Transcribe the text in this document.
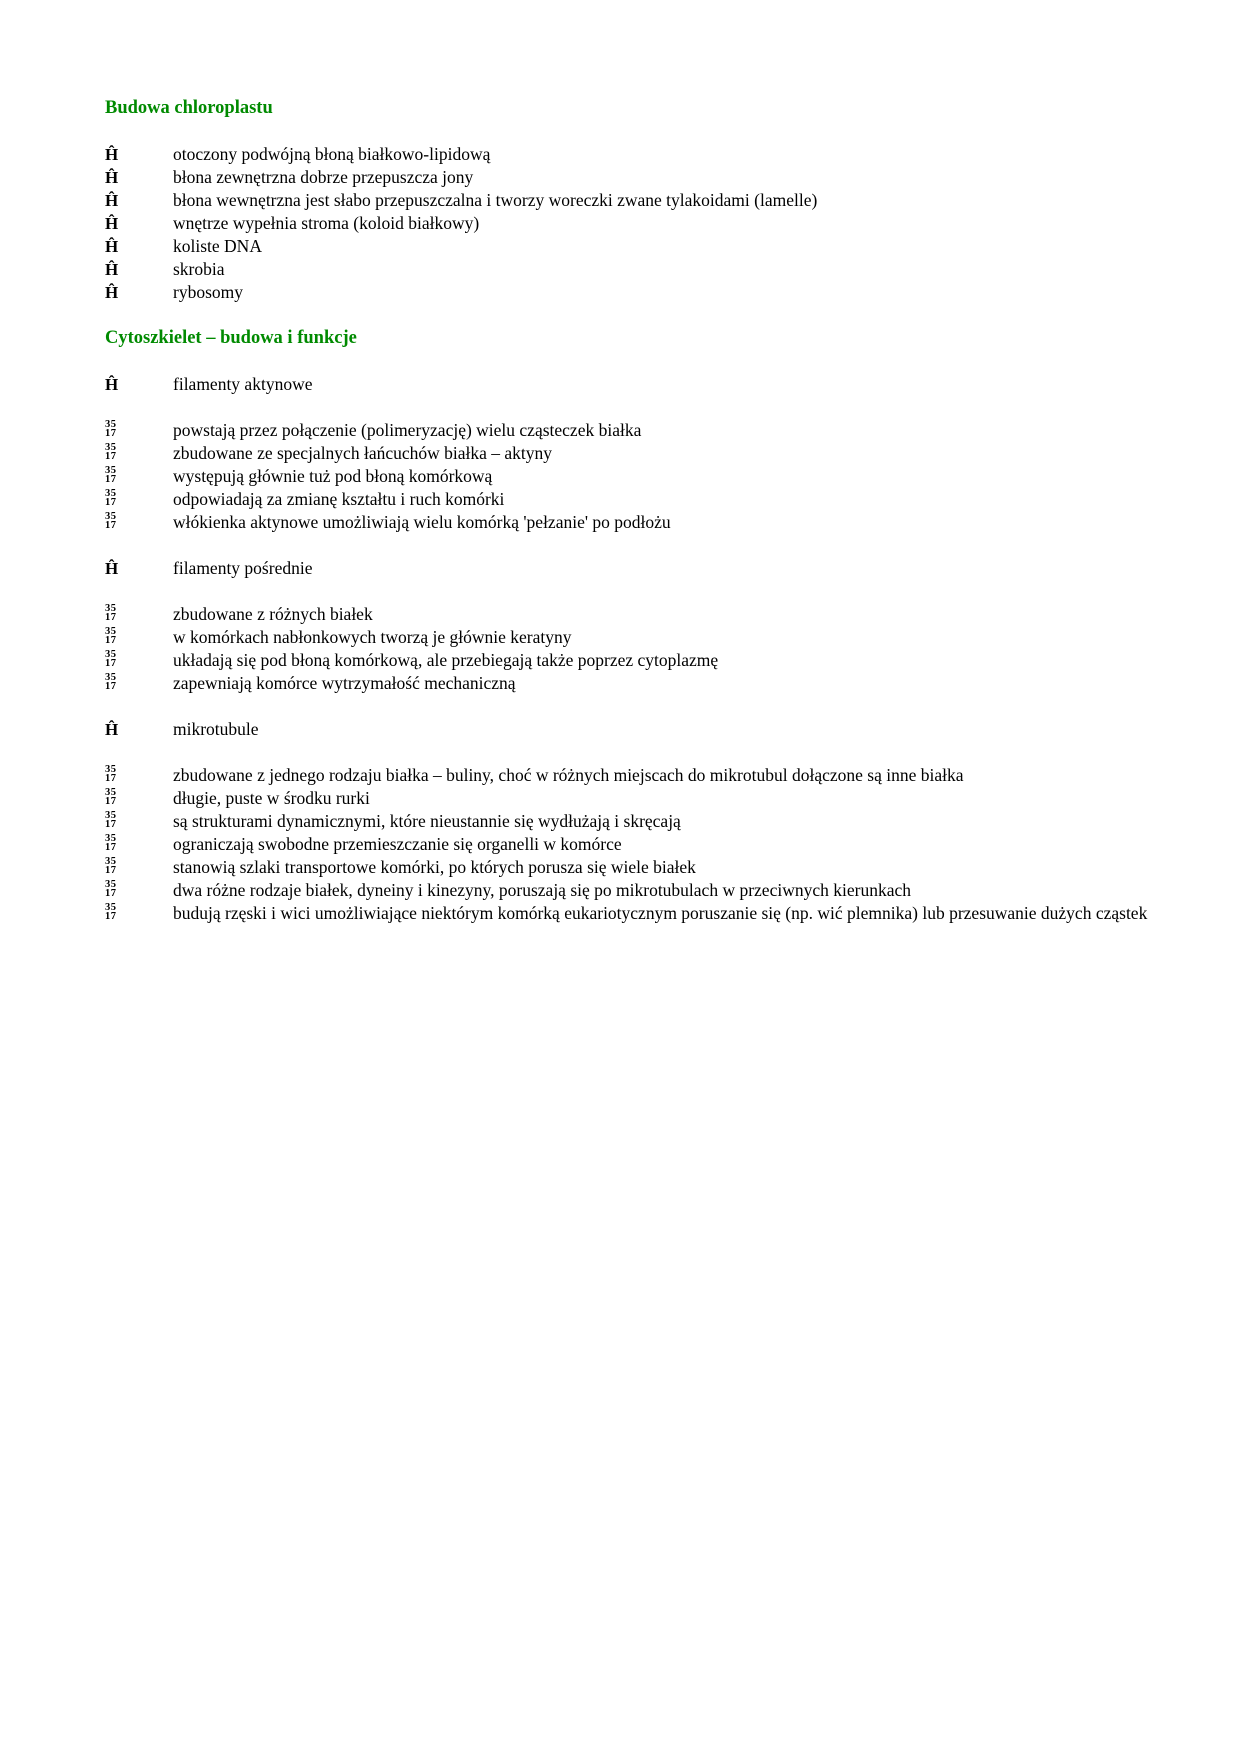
Budowa chloroplastu

Ĥ	otoczony podwójną błoną białkowo-lipidową

Ĥ	błona zewnętrzna dobrze przepuszcza jony

Ĥ	błona wewnętrzna jest słabo przepuszczalna i tworzy woreczki zwane tylakoidami (lamelle)

Ĥ	wnętrze wypełnia stroma (koloid białkowy)

Ĥ	koliste DNA

Ĥ	skrobia

Ĥ	rybosomy

Cytoszkielet – budowa i funkcje

Ĥ	filamenty aktynowe

35
17	powstają przez połączenie (polimeryzację) wielu cząsteczek białka

35
17	zbudowane ze specjalnych łańcuchów białka – aktyny

35
17	występują głównie tuż pod błoną komórkową

35
17	odpowiadają za zmianę kształtu i ruch komórki

35
17	włókienka aktynowe umożliwiają wielu komórką 'pełzanie' po podłożu

Ĥ	filamenty pośrednie

35
17	zbudowane z różnych białek

35
17	w komórkach nabłonkowych tworzą je głównie keratyny

35
17	układają się pod błoną komórkową, ale przebiegają także poprzez cytoplazmę

35
17	zapewniają komórce wytrzymałość mechaniczną

Ĥ	mikrotubule

35
17	zbudowane z jednego rodzaju białka – buliny, choć w różnych miejscach do mikrotubul dołączone są inne białka

35
17	długie, puste w środku rurki

35
17	są strukturami dynamicznymi, które nieustannie się wydłużają i skręcają

35
17	ograniczają swobodne przemieszczanie się organelli w komórce

35
17	stanowią szlaki transportowe komórki, po których porusza się wiele białek

35
17	dwa różne rodzaje białek, dyneiny i kinezyny, poruszają się po mikrotubulach w przeciwnych kierunkach

35
17	budują rzęski i wici umożliwiające niektórym komórką eukariotycznym poruszanie się (np. wić plemnika) lub przesuwanie dużych cząstek
